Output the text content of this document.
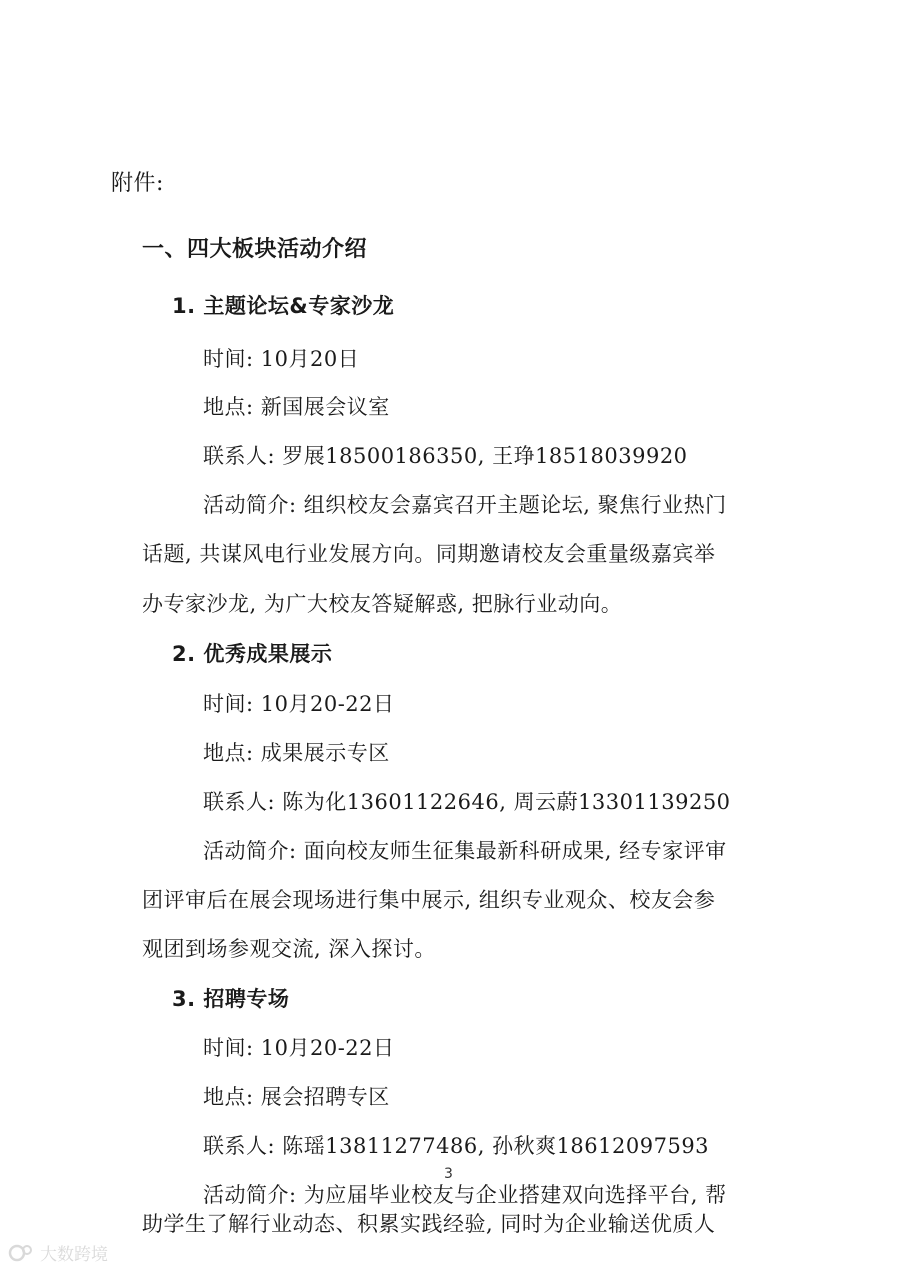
附件:
一、四大板块活动介绍
1. 主题论坛&专家沙龙
时间: 10月20日
地点: 新国展会议室
联系人: 罗展18500186350, 王琤18518039920
活动简介: 组织校友会嘉宾召开主题论坛, 聚焦行业热门
话题, 共谋风电行业发展方向。同期邀请校友会重量级嘉宾举
办专家沙龙, 为广大校友答疑解惑, 把脉行业动向。
2. 优秀成果展示
时间: 10月20-22日
地点: 成果展示专区
联系人: 陈为化13601122646, 周云蔚13301139250
活动简介: 面向校友师生征集最新科研成果, 经专家评审
团评审后在展会现场进行集中展示, 组织专业观众、校友会参
观团到场参观交流, 深入探讨。
3. 招聘专场
时间: 10月20-22日
地点: 展会招聘专区
联系人: 陈瑶13811277486, 孙秋爽18612097593
活动简介: 为应届毕业校友与企业搭建双向选择平台, 帮
助学生了解行业动态、积累实践经验, 同时为企业输送优质人
3
大数跨境
